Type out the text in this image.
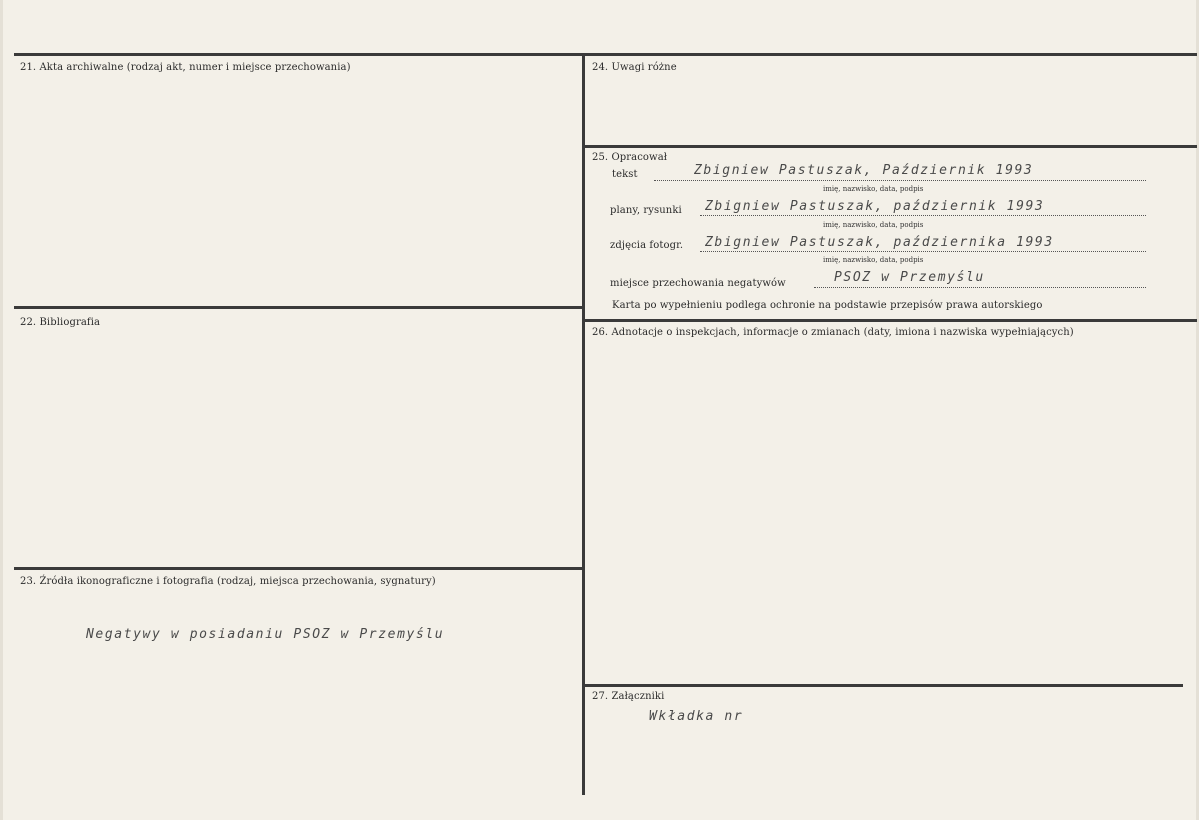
21. Akta archiwalne (rodzaj akt, numer i miejsce przechowania)
22. Bibliografia
23. Źródła ikonograficzne i fotografia (rodzaj, miejsca przechowania, sygnatury)
Negatywy w posiadaniu PSOZ w Przemyślu
24. Uwagi różne
25. Opracował
tekst	Zbigniew Pastuszak, Październik 1993
imię, nazwisko, data, podpis
plany, rysunki Zbigniew Pastuszak, październik 1993
imię, nazwisko, data, podpis
zdjęcia fotogr. Zbigniew Pastuszak, października 1993
imię, nazwisko, data, podpis
miejsce przechowania negatywów	PSOZ w Przemyślu
Karta po wypełnieniu podlega ochronie na podstawie przepisów prawa autorskiego
26. Adnotacje o inspekcjach, informacje o zmianach (daty, imiona i nazwiska wypełniających)
27. Załączniki
Wkładka nr
